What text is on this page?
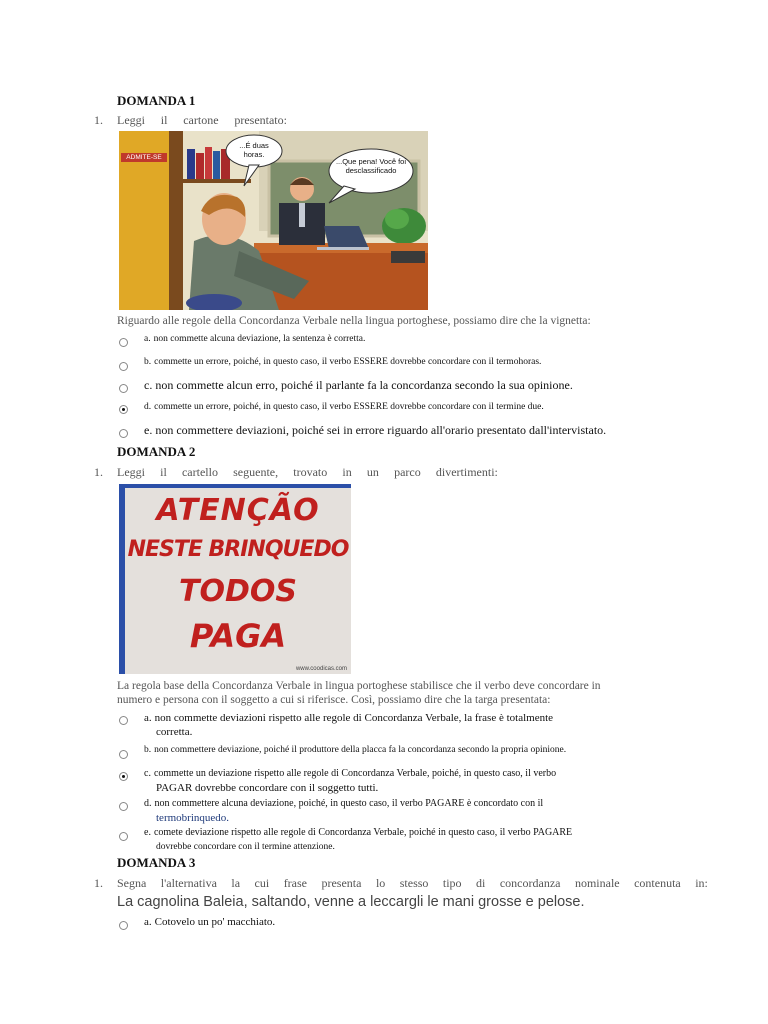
DOMANDA 1
1. Leggi il cartone presentato:
ADMITE-SE
...É duas horas.
...Que pena! Você foi desclassificado
Riguardo alle regole della Concordanza Verbale nella lingua portoghese, possiamo dire che la vignetta:
a. non commette alcuna deviazione, la sentenza è corretta.
b. commette un errore, poiché, in questo caso, il verbo ESSERE dovrebbe concordare con il termohoras.
c. non commette alcun erro, poiché il parlante fa la concordanza secondo la sua opinione.
d. commette un errore, poiché, in questo caso, il verbo ESSERE dovrebbe concordare con il termine due.
e. non commettere deviazioni, poiché sei in errore riguardo all'orario presentato dall'intervistato.
DOMANDA 2
1. Leggi il cartello seguente, trovato in un parco divertimenti:
ATENÇÃO
NESTE BRINQUEDO
TODOS
PAGA
www.coodicas.com
La regola base della Concordanza Verbale in lingua portoghese stabilisce che il verbo deve concordare in
numero e persona con il soggetto a cui si riferisce. Così, possiamo dire che la targa presentata:
a. non commette deviazioni rispetto alle regole di Concordanza Verbale, la frase è totalmente
corretta.
b. non commettere deviazione, poiché il produttore della placca fa la concordanza secondo la propria opinione.
c. commette un deviazione rispetto alle regole di Concordanza Verbale, poiché, in questo caso, il verbo
PAGAR dovrebbe concordare con il soggetto tutti.
d. non commettere alcuna deviazione, poiché, in questo caso, il verbo PAGARE è concordato con il
termobrinquedo.
e. comete deviazione rispetto alle regole di Concordanza Verbale, poiché in questo caso, il verbo PAGARE
dovrebbe concordare con il termine attenzione.
DOMANDA 3
1. Segna l'alternativa la cui frase presenta lo stesso tipo di concordanza nominale contenuta in:
La cagnolina Baleia, saltando, venne a leccargli le mani grosse e pelose.
a. Cotovelo un po' macchiato.
